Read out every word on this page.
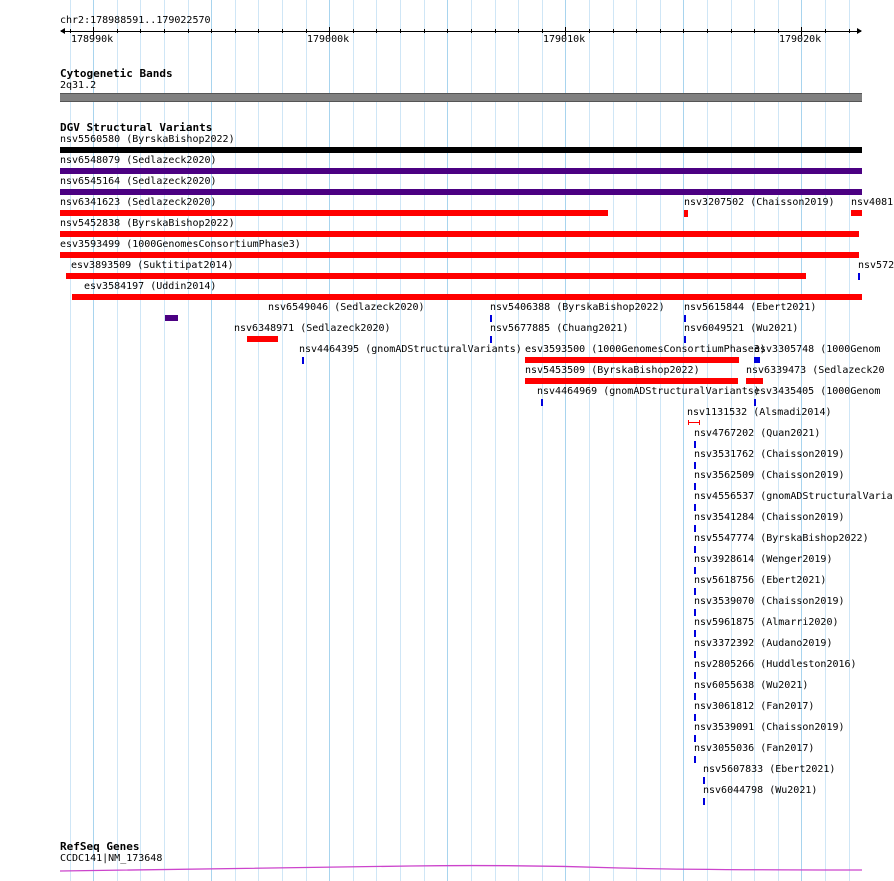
chr2:178988591..179022570
178990k	179000k	179010k	179020k
Cytogenetic Bands
2q31.2
DGV Structural Variants
nsv5560580 (ByrskaBishop2022)
nsv6548079 (Sedlazeck2020)
nsv6545164 (Sedlazeck2020)
nsv6341623 (Sedlazeck2020)	nsv3207502 (Chaisson2019) nsv4081
nsv5452838 (ByrskaBishop2022)
esv3593499 (1000GenomesConsortiumPhase3)
esv3893509 (Suktitipat2014)	nsv572
esv3584197 (Uddin2014)
nsv6549046 (Sedlazeck2020)	nsv5406388 (ByrskaBishop2022) nsv5615844 (Ebert2021)
nsv6348971 (Sedlazeck2020)	nsv5677885 (Chuang2021)	nsv6049521 (Wu2021)
nsv4464395 (gnomADStructuralVariants) esv3593500 (1000GenomesConsortiumPhase3)
esv3305748 (1000Genom
nsv5453509 (ByrskaBishop2022)	nsv6339473 (Sedlazeck20
nsv4464969 (gnomADStructuralVariants)
esv3435405 (1000Genom
nsv1131532 (Alsmadi2014)
nsv4767202 (Quan2021)
nsv3531762 (Chaisson2019)
nsv3562509 (Chaisson2019)
nsv4556537 (gnomADStructuralVaria
nsv3541284 (Chaisson2019)
nsv5547774 (ByrskaBishop2022)
nsv3928614 (Wenger2019)
nsv5618756 (Ebert2021)
nsv3539070 (Chaisson2019)
nsv5961875 (Almarri2020)
nsv3372392 (Audano2019)
nsv2805266 (Huddleston2016)
nsv6055638 (Wu2021)
nsv3061812 (Fan2017)
nsv3539091 (Chaisson2019)
nsv3055036 (Fan2017)
nsv5607833 (Ebert2021)
nsv6044798 (Wu2021)
RefSeq Genes
CCDC141|NM_173648
